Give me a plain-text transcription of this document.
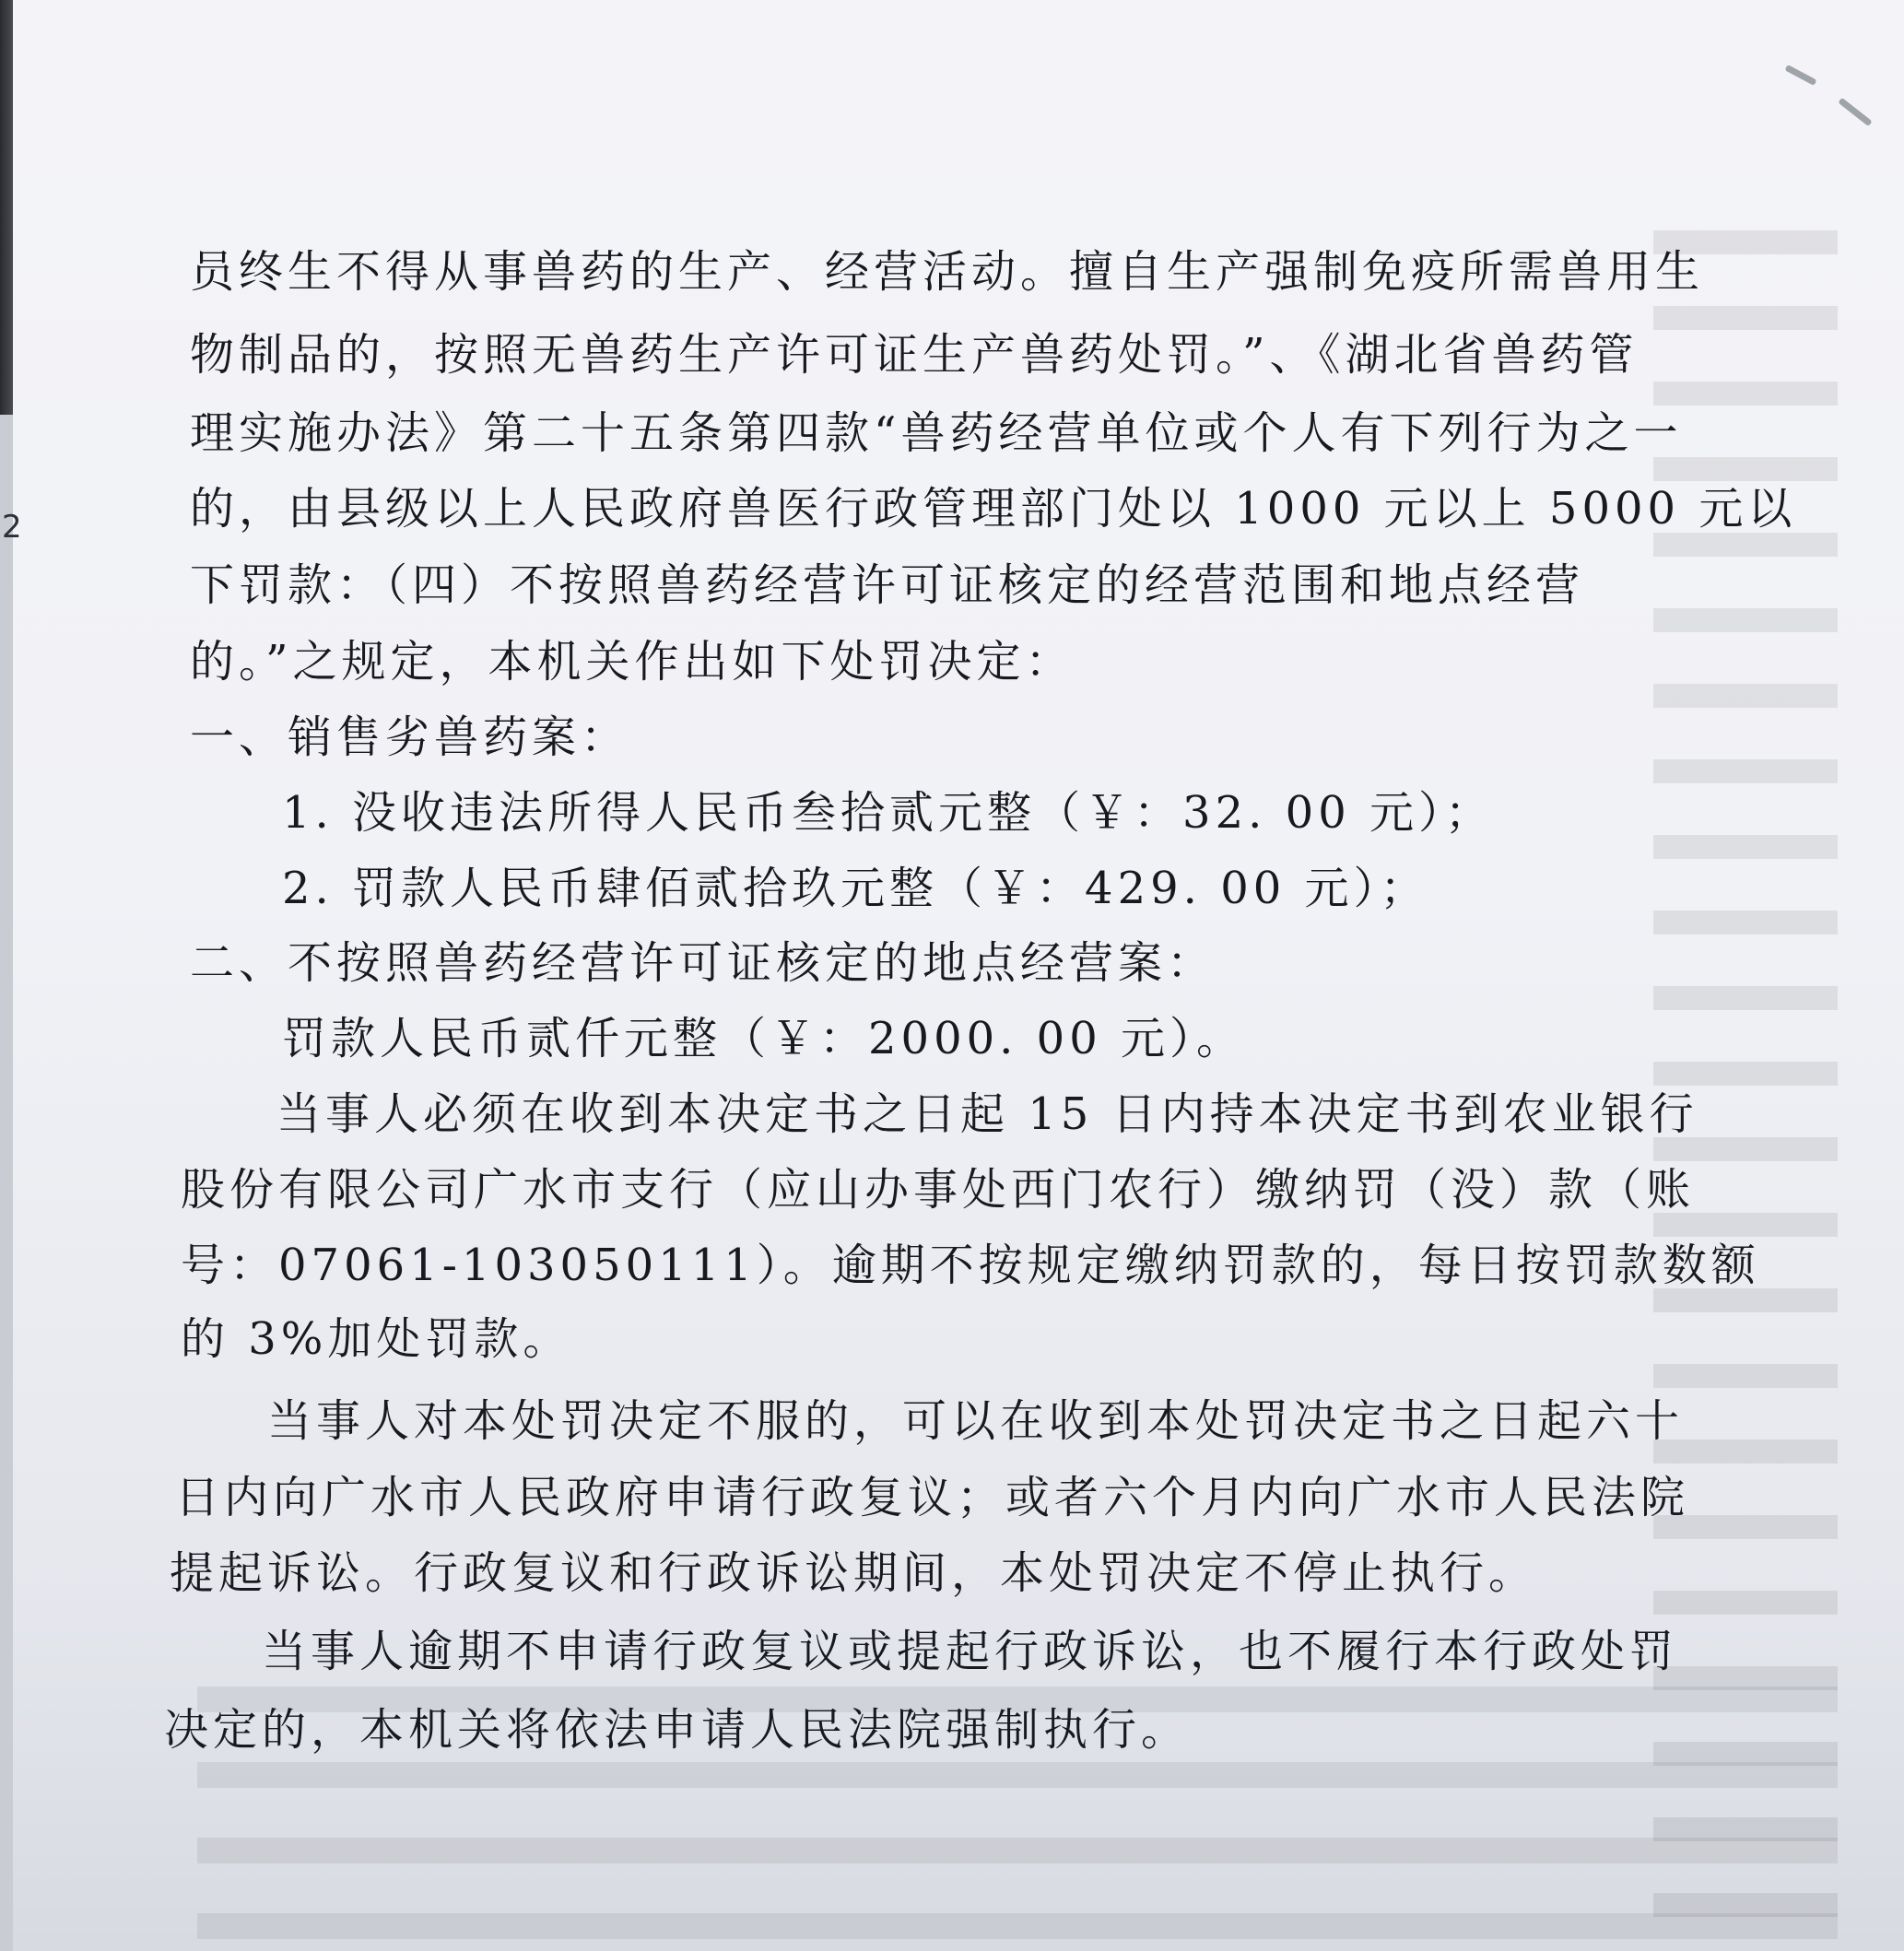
2
员终生不得从事兽药的生产、经营活动。擅自生产强制免疫所需兽用生
物制品的，按照无兽药生产许可证生产兽药处罚。”、《湖北省兽药管
理实施办法》第二十五条第四款“兽药经营单位或个人有下列行为之一
的，由县级以上人民政府兽医行政管理部门处以 1000 元以上 5000 元以
下罚款：（四）不按照兽药经营许可证核定的经营范围和地点经营
的。”之规定，本机关作出如下处罚决定：
一、销售劣兽药案：
1. 没收违法所得人民币叁拾贰元整（￥：32. 00 元）；
2. 罚款人民币肆佰贰拾玖元整（￥：429. 00 元）；
二、不按照兽药经营许可证核定的地点经营案：
罚款人民币贰仟元整（￥：2000. 00 元）。
当事人必须在收到本决定书之日起 15 日内持本决定书到农业银行
股份有限公司广水市支行（应山办事处西门农行）缴纳罚（没）款（账
号：07061-103050111）。逾期不按规定缴纳罚款的，每日按罚款数额
的 3%加处罚款。
当事人对本处罚决定不服的，可以在收到本处罚决定书之日起六十
日内向广水市人民政府申请行政复议；或者六个月内向广水市人民法院
提起诉讼。行政复议和行政诉讼期间，本处罚决定不停止执行。
当事人逾期不申请行政复议或提起行政诉讼，也不履行本行政处罚
决定的，本机关将依法申请人民法院强制执行。
